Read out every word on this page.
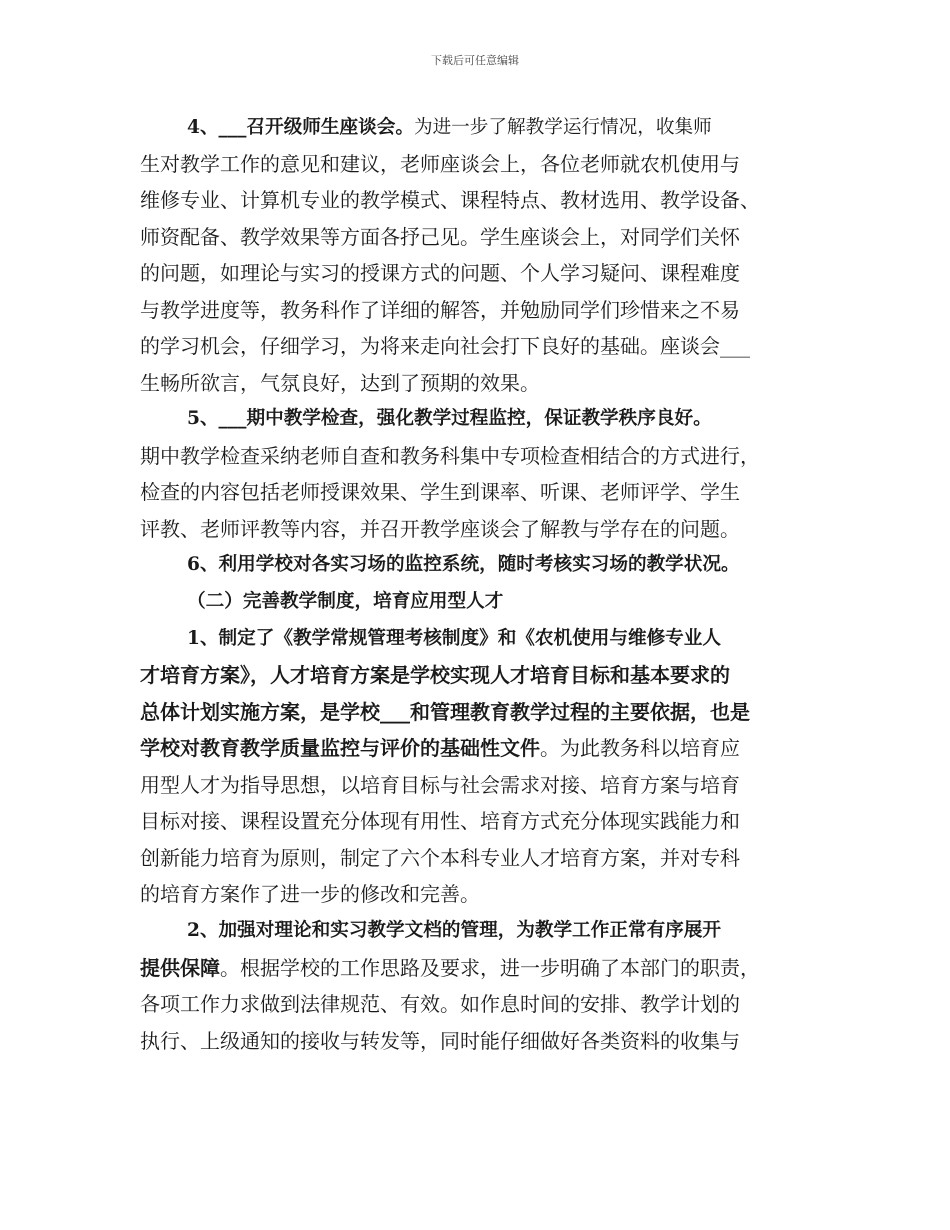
下载后可任意编辑
4、___召开级师生座谈会。为进一步了解教学运行情况，收集师
生对教学工作的意见和建议，老师座谈会上，各位老师就农机使用与
维修专业、计算机专业的教学模式、课程特点、教材选用、教学设备、
师资配备、教学效果等方面各抒己见。学生座谈会上，对同学们关怀
的问题，如理论与实习的授课方式的问题、个人学习疑问、课程难度
与教学进度等，教务科作了详细的解答，并勉励同学们珍惜来之不易
的学习机会，仔细学习，为将来走向社会打下良好的基础。座谈会___
生畅所欲言，气氛良好，达到了预期的效果。
5、___期中教学检查，强化教学过程监控，保证教学秩序良好。
期中教学检查采纳老师自查和教务科集中专项检查相结合的方式进行，
检查的内容包括老师授课效果、学生到课率、听课、老师评学、学生
评教、老师评教等内容，并召开教学座谈会了解教与学存在的问题。
6、利用学校对各实习场的监控系统，随时考核实习场的教学状况。
（二）完善教学制度，培育应用型人才
1、制定了《教学常规管理考核制度》和《农机使用与维修专业人
才培育方案》，人才培育方案是学校实现人才培育目标和基本要求的
总体计划实施方案，是学校___和管理教育教学过程的主要依据，也是
学校对教育教学质量监控与评价的基础性文件。为此教务科以培育应
用型人才为指导思想，以培育目标与社会需求对接、培育方案与培育
目标对接、课程设置充分体现有用性、培育方式充分体现实践能力和
创新能力培育为原则，制定了六个本科专业人才培育方案，并对专科
的培育方案作了进一步的修改和完善。
2、加强对理论和实习教学文档的管理，为教学工作正常有序展开
提供保障。根据学校的工作思路及要求，进一步明确了本部门的职责，
各项工作力求做到法律规范、有效。如作息时间的安排、教学计划的
执行、上级通知的接收与转发等，同时能仔细做好各类资料的收集与
